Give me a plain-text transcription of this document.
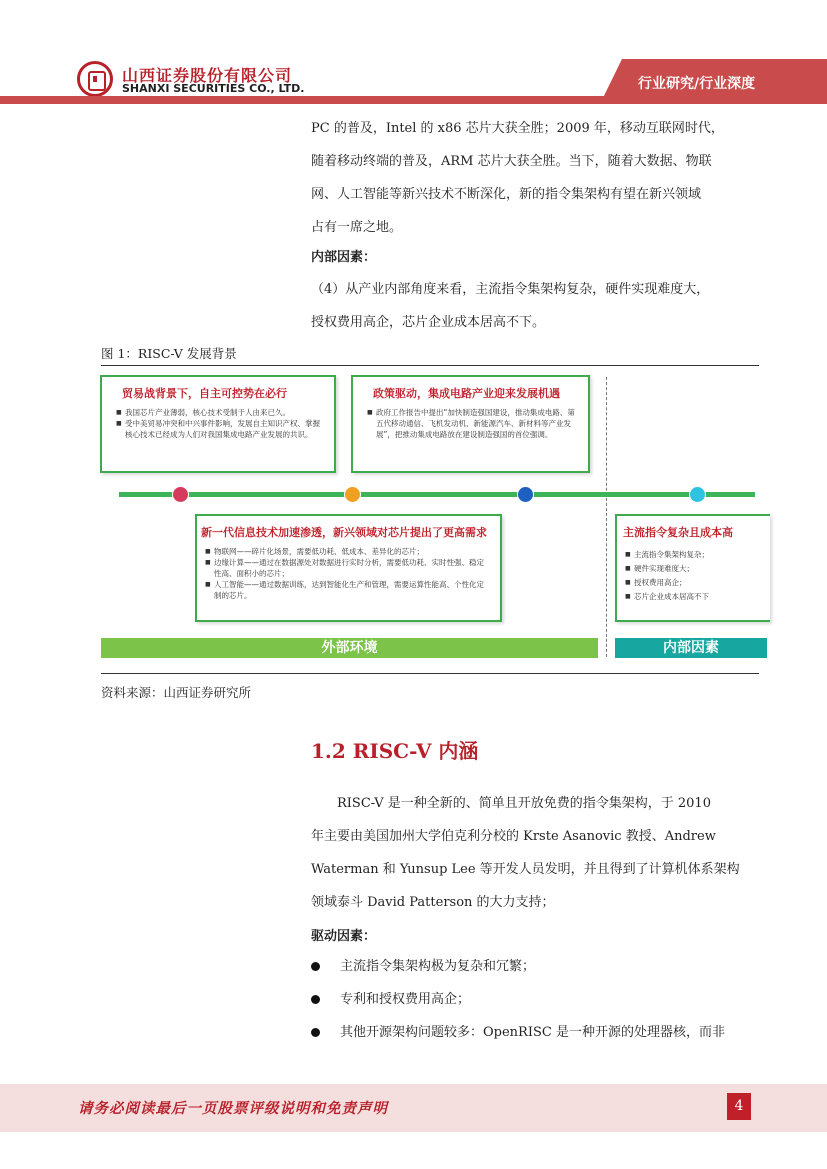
山西证券股份有限公司
SHANXI SECURITIES CO., LTD.	行业研究/行业深度
PC 的普及，Intel 的 x86 芯片大获全胜；2009 年，移动互联网时代，
随着移动终端的普及，ARM 芯片大获全胜。当下，随着大数据、物联
网、人工智能等新兴技术不断深化，新的指令集架构有望在新兴领域
占有一席之地。
内部因素：
（4）从产业内部角度来看，主流指令集架构复杂，硬件实现难度大，
授权费用高企，芯片企业成本居高不下。
图 1：RISC-V 发展背景
贸易战背景下，自主可控势在必行
■ 我国芯片产业薄弱，核心技术受制于人由来已久。
■ 受中美贸易冲突和中兴事件影响，发展自主知识产权、掌握核心技术已经成为人们对我国集成电路产业发展的共识。
政策驱动，集成电路产业迎来发展机遇
■ 政府工作报告中提出“加快制造强国建设，推动集成电路、第五代移动通信、飞机发动机、新能源汽车、新材料等产业发展”，把推动集成电路放在建设制造强国的首位强调。
新一代信息技术加速渗透，新兴领域对芯片提出了更高需求
■ 物联网——碎片化场景，需要低功耗、低成本、差异化的芯片；
■ 边缘计算——通过在数据源处对数据进行实时分析，需要低功耗、实时性强、稳定性高、面积小的芯片；
■ 人工智能——通过数据训练，达到智能化生产和管理，需要运算性能高、个性化定制的芯片。
主流指令复杂且成本高
■ 主流指令集架构复杂；
■ 硬件实现难度大；
■ 授权费用高企；
■ 芯片企业成本居高不下
外部环境	内部因素
资料来源：山西证券研究所
1.2 RISC-V 内涵
RISC-V 是一种全新的、简单且开放免费的指令集架构，于 2010
年主要由美国加州大学伯克利分校的 Krste Asanovic 教授、Andrew
Waterman 和 Yunsup Lee 等开发人员发明，并且得到了计算机体系架构
领域泰斗 David Patterson 的大力支持；
驱动因素：
主流指令集架构极为复杂和冗繁；
专利和授权费用高企；
其他开源架构问题较多：OpenRISC 是一种开源的处理器核，而非
请务必阅读最后一页股票评级说明和免责声明	4
